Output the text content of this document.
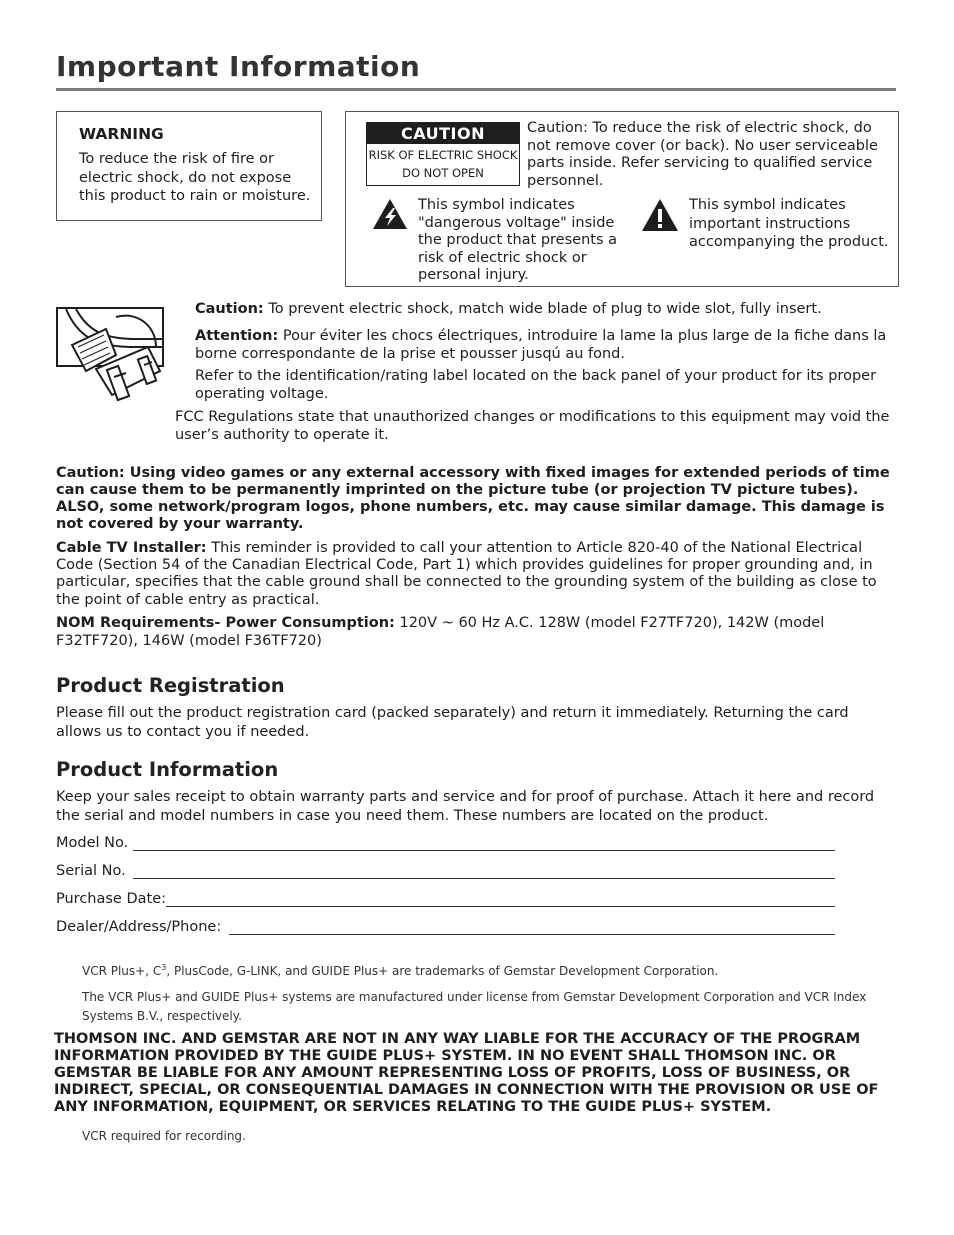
Important Information
WARNING
To reduce the risk of fire or electric shock, do not expose this product to rain or moisture.
CAUTION
RISK OF ELECTRIC SHOCK
DO NOT OPEN
Caution: To reduce the risk of electric shock, do not remove cover (or back). No user serviceable parts inside. Refer servicing to qualified service personnel.
This symbol indicates "dangerous voltage" inside the product that presents a risk of electric shock or personal injury.
This symbol indicates important instructions accompanying the product.
Caution: To prevent electric shock, match wide blade of plug to wide slot, fully insert.
Attention: Pour éviter les chocs électriques, introduire la lame la plus large de la fiche dans la borne correspondante de la prise et pousser jusqú au fond.
Refer to the identification/rating label located on the back panel of your product for its proper operating voltage.
FCC Regulations state that unauthorized changes or modifications to this equipment may void the user’s authority to operate it.
Caution: Using video games or any external accessory with fixed images for extended periods of time can cause them to be permanently imprinted on the picture tube (or projection TV picture tubes). ALSO, some network/program logos, phone numbers, etc. may cause similar damage. This damage is not covered by your warranty.
Cable TV Installer: This reminder is provided to call your attention to Article 820-40 of the National Electrical Code (Section 54 of the Canadian Electrical Code, Part 1) which provides guidelines for proper grounding and, in particular, specifies that the cable ground shall be connected to the grounding system of the building as close to the point of cable entry as practical.
NOM Requirements- Power Consumption: 120V ~ 60 Hz A.C. 128W (model F27TF720), 142W (model F32TF720), 146W (model F36TF720)
Product Registration
Please fill out the product registration card (packed separately) and return it immediately. Returning the card allows us to contact you if needed.
Product Information
Keep your sales receipt to obtain warranty parts and service and for proof of purchase. Attach it here and record the serial and model numbers in case you need them. These numbers are located on the product.
Model No.
Serial No.
Purchase Date:
Dealer/Address/Phone:
VCR Plus+, $C^3$, PlusCode, G-LINK, and GUIDE Plus+ are trademarks of Gemstar Development Corporation.
The VCR Plus+ and GUIDE Plus+ systems are manufactured under license from Gemstar Development Corporation and VCR Index Systems B.V., respectively.
THOMSON INC. AND GEMSTAR ARE NOT IN ANY WAY LIABLE FOR THE ACCURACY OF THE PROGRAM INFORMATION PROVIDED BY THE GUIDE PLUS+ SYSTEM. IN NO EVENT SHALL THOMSON INC. OR GEMSTAR BE LIABLE FOR ANY AMOUNT REPRESENTING LOSS OF PROFITS, LOSS OF BUSINESS, OR INDIRECT, SPECIAL, OR CONSEQUENTIAL DAMAGES IN CONNECTION WITH THE PROVISION OR USE OF ANY INFORMATION, EQUIPMENT, OR SERVICES RELATING TO THE GUIDE PLUS+ SYSTEM.
VCR required for recording.
